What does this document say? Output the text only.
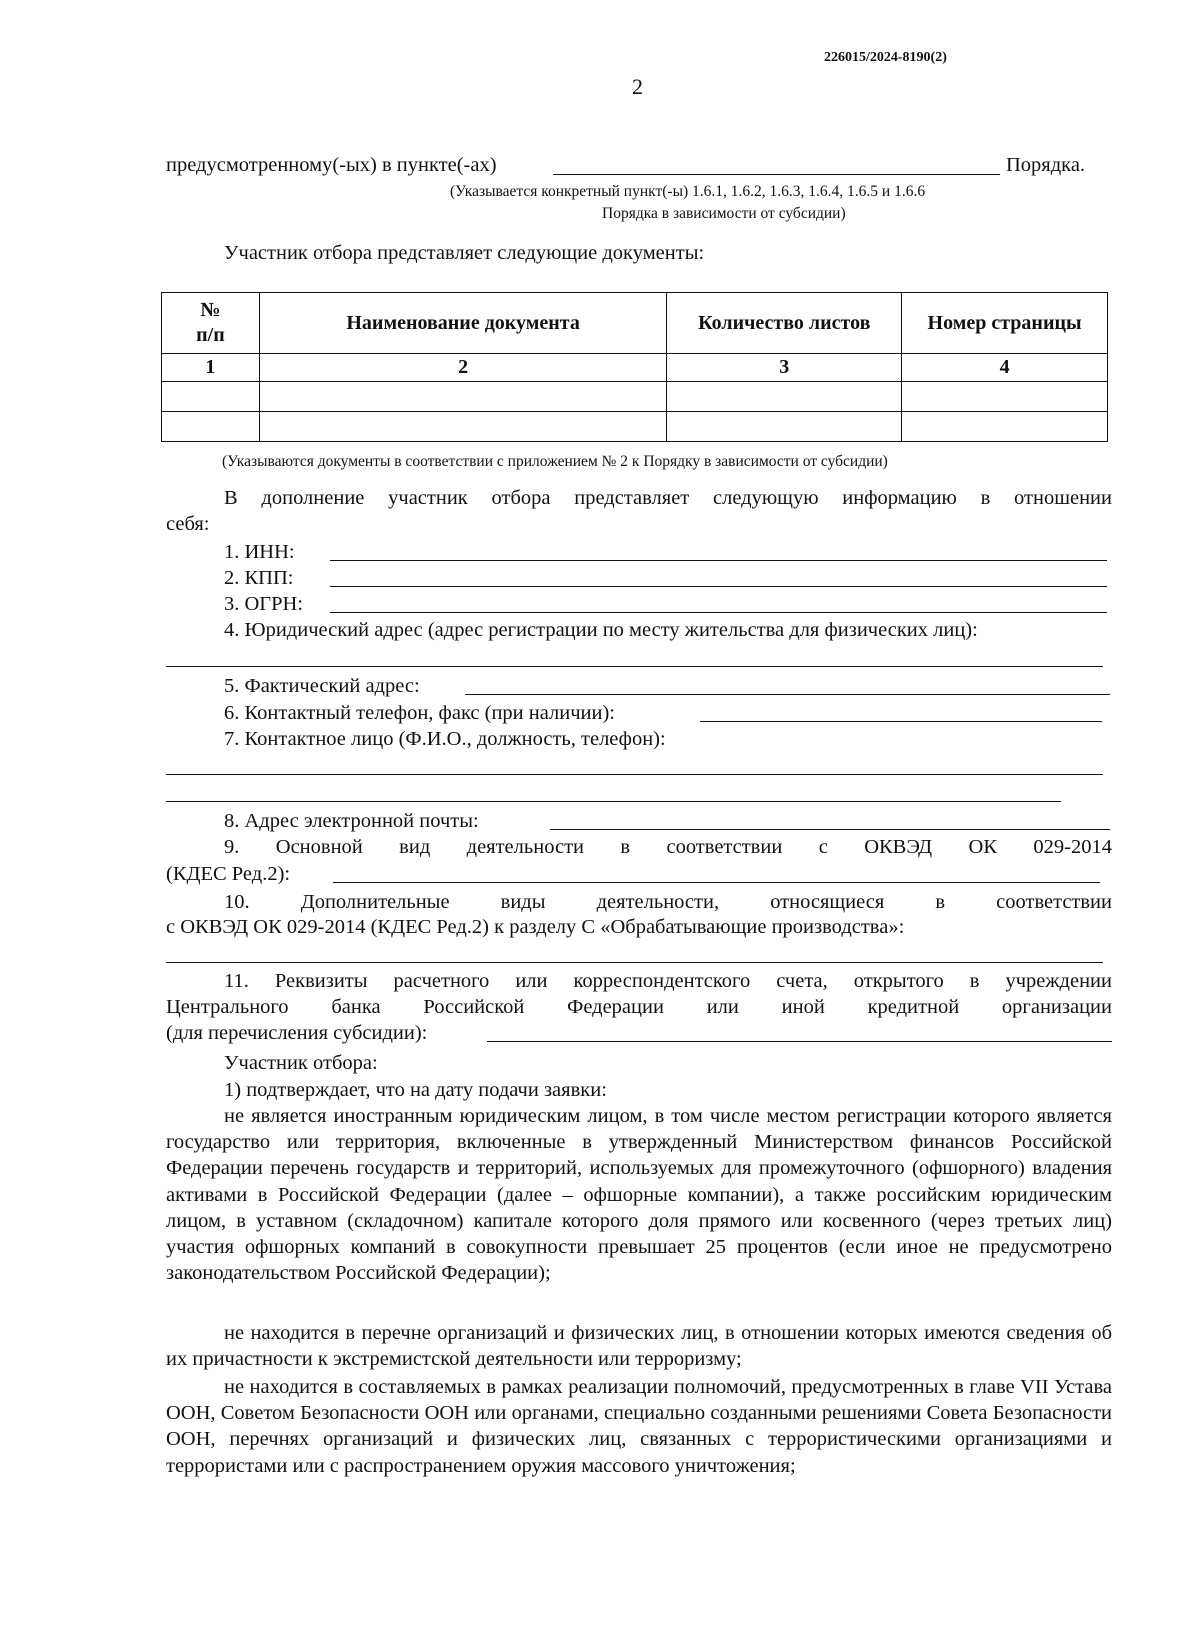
226015/2024-8190(2)
2
предусмотренному(-ых) в пункте(-ах)	Порядка.
(Указывается конкретный пункт(-ы) 1.6.1, 1.6.2, 1.6.3, 1.6.4, 1.6.5 и 1.6.6
Порядка в зависимости от субсидии)
Участник отбора представляет следующие документы:
№
п/п	Наименование документа	Количество листов	Номер страницы
1	2	3	4

(Указываются документы в соответствии с приложением № 2 к Порядку в зависимости от субсидии)
В дополнение участник отбора представляет следующую информацию в отношении
себя:
1. ИНН:
2. КПП:
3. ОГРН:
4. Юридический адрес (адрес регистрации по месту жительства для физических лиц):
5. Фактический адрес:
6. Контактный телефон, факс (при наличии):
7. Контактное лицо (Ф.И.О., должность, телефон):
8. Адрес электронной почты:
9. Основной вид деятельности в соответствии с ОКВЭД ОК 029-2014
(КДЕС Ред.2):
10. Дополнительные виды деятельности, относящиеся в соответствии
с ОКВЭД ОК 029-2014 (КДЕС Ред.2) к разделу С «Обрабатывающие производства»:
11. Реквизиты расчетного или корреспондентского счета, открытого в учреждении
Центрального банка Российской Федерации или иной кредитной организации
(для перечисления субсидии):
Участник отбора:
1) подтверждает, что на дату подачи заявки:
не является иностранным юридическим лицом, в том числе местом регистрации которого является государство или территория, включенные в утвержденный Министерством финансов Российской Федерации перечень государств и территорий, используемых для промежуточного (офшорного) владения активами в Российской Федерации (далее – офшорные компании), а также российским юридическим лицом, в уставном (складочном) капитале которого доля прямого или косвенного (через третьих лиц) участия офшорных компаний в совокупности превышает 25 процентов (если иное не предусмотрено законодательством Российской Федерации);
не находится в перечне организаций и физических лиц, в отношении которых имеются сведения об их причастности к экстремистской деятельности или терроризму;
не находится в составляемых в рамках реализации полномочий, предусмотренных в главе VII Устава ООН, Советом Безопасности ООН или органами, специально созданными решениями Совета Безопасности ООН, перечнях организаций и физических лиц, связанных с террористическими организациями и террористами или с распространением оружия массового уничтожения;
